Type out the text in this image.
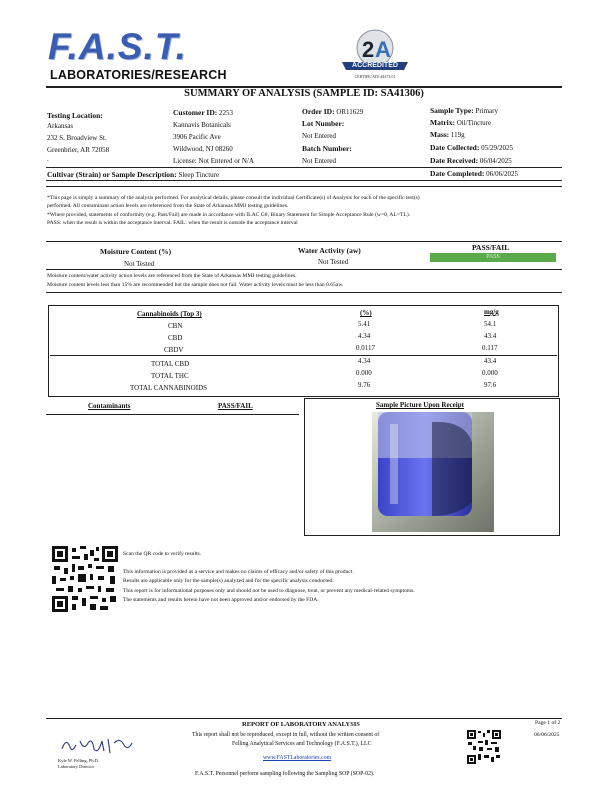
F.A.S.T.
LABORATORIES/RESEARCH
2 A
ACCREDITED
CERTIFICATE #4473.01
SUMMARY OF ANALYSIS (SAMPLE ID: SA41306)
Testing Location:
Arkansas
232 S. Broadview St.
Greenbrier, AR 72058
.
Customer ID: 2253
Kannavis Botanicals
3906 Pacific Ave
Wildwood, NJ 08260
License: Not Entered or N/A
Order ID: OR11629
Lot Number:
Not Entered
Batch Number:
Not Entered
Sample Type: Primary
Matrix: Oil/Tincture
Mass: 119g
Date Collected: 05/29/2025
Date Received: 06/04/2025
Cultivar (Strain) or Sample Description: Sleep Tincture	Date Completed: 06/06/2025
*This page is simply a summary of the analysis performed. For analytical details, please consult the individual Certificate(s) of Analysis for each of the specific test(s)
performed. All contaminant action levels are referenced from the State of Arkansas MMJ testing guidelines.
*Where provided, statements of conformity (e.g. Pass/Fail) are made in accordance with ILAC G8, Binary Statement for Simple Acceptance Rule (w=0, AL=TL).
PASS: when the result is within the acceptance interval. FAIL: when the result is outside the acceptance interval
Moisture Content (%)
Not Tested
Water Activity (aw)
Not Tested
PASS/FAIL
PASS
Moisture content/water activity action levels are referenced from the State of Arkansas MMJ testing guidelines.
Moisture content levels less than 15% are recommended but the sample does not fail. Water activity levels must be less than 0.65aw.
Cannabinoids (Top 3)	(%)	mg/g
CBN	5.41	54.1
CBD	4.34	43.4
CBDV	0.0117	0.117
TOTAL CBD	4.34	43.4
TOTAL THC	0.000	0.000
TOTAL CANNABINOIDS	9.76	97.6
Contaminants	PASS/FAIL	Sample Picture Upon Receipt
Scan the QR code to verify results.
This information is provided as a service and makes no claims of efficacy and/or safety of this product.
Results are applicable only for the sample(s) analyzed and for the specific analysis conducted.
This report is for informational purposes only and should not be used to diagnose, treat, or prevent any medical-related symptoms.
The statements and results herein have not been approved and/or endorsed by the FDA.
REPORT OF LABORATORY ANALYSIS
This report shall not be reproduced, except in full, without the written consent of
Felling Analytical Services and Technology (F.A.S.T.), LLC
www.FASTLaboratories.com
F.A.S.T. Personnel perform sampling following the Sampling SOP (SOP-02).
Kyle W. Felling, Ph.D.
Laboratory Director
Page 1 of 2
06/06/2025
